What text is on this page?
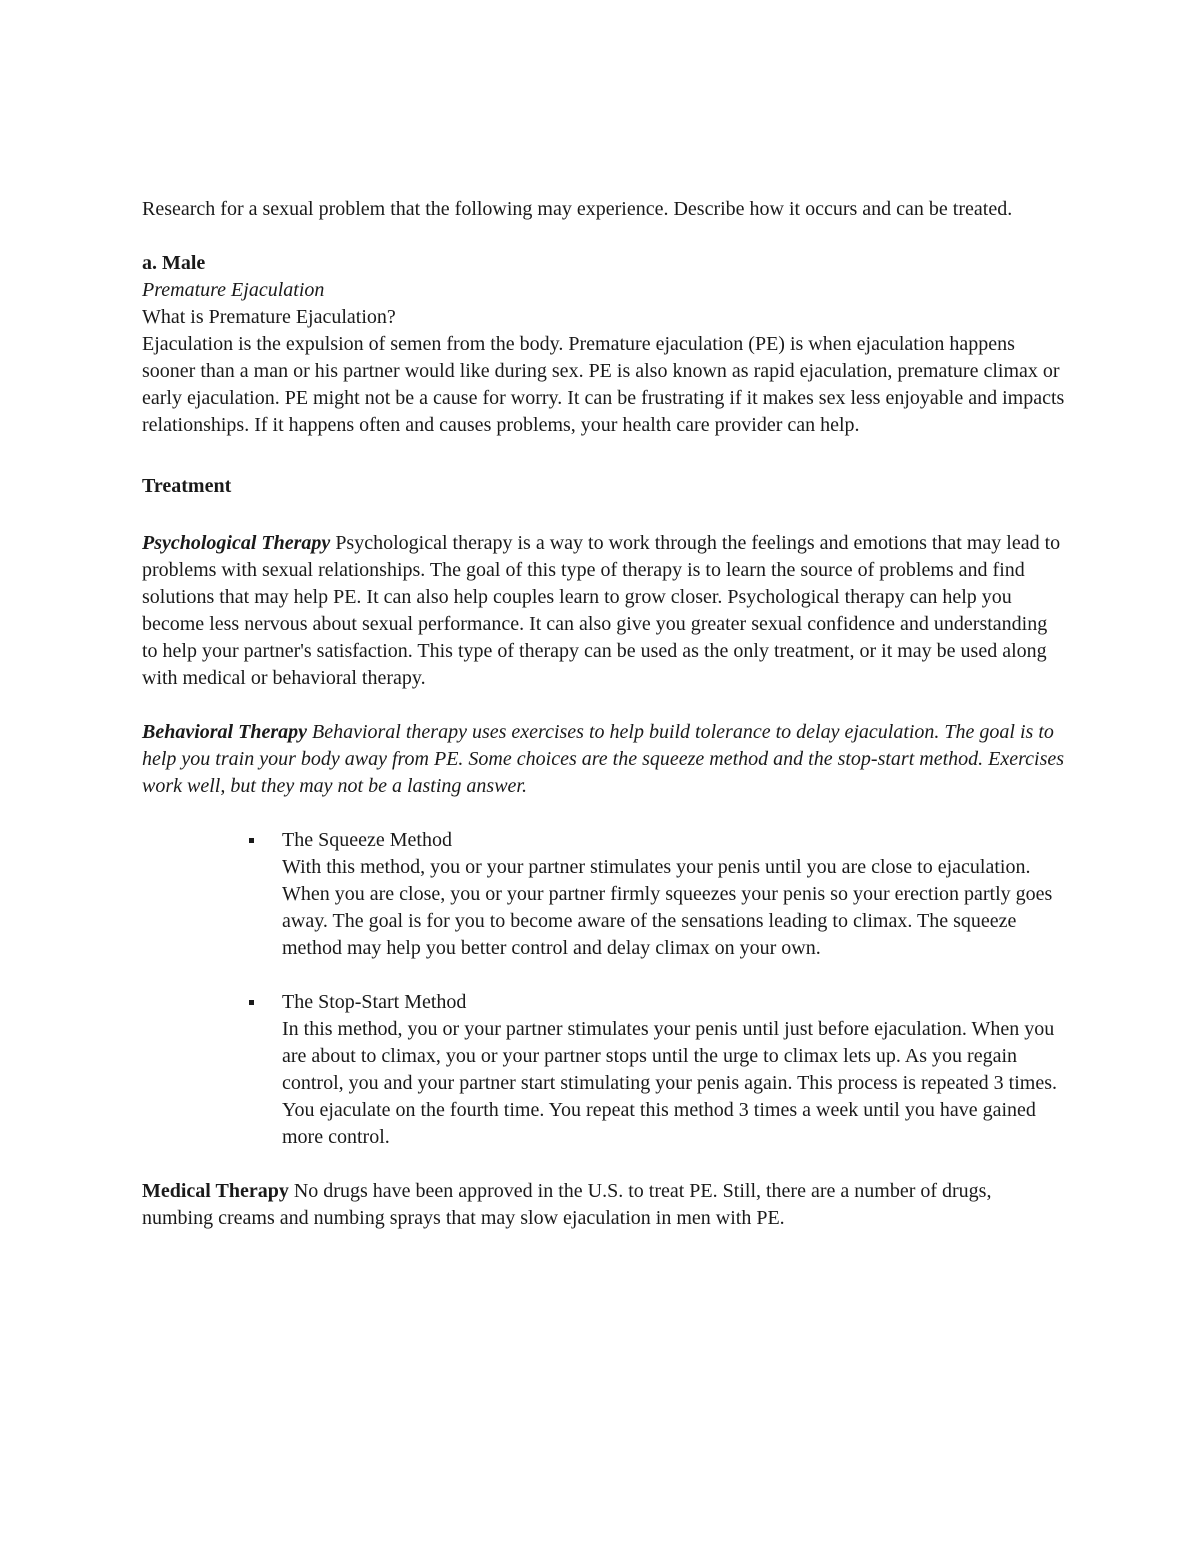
Research for a sexual problem that the following may experience. Describe how it occurs and can be treated.

a. Male

Premature Ejaculation

What is Premature Ejaculation?

Ejaculation is the expulsion of semen from the body. Premature ejaculation (PE) is when ejaculation happens sooner than a man or his partner would like during sex. PE is also known as rapid ejaculation, premature climax or early ejaculation. PE might not be a cause for worry. It can be frustrating if it makes sex less enjoyable and impacts relationships. If it happens often and causes problems, your health care provider can help.

Treatment

Psychological Therapy Psychological therapy is a way to work through the feelings and emotions that may lead to problems with sexual relationships. The goal of this type of therapy is to learn the source of problems and find solutions that may help PE. It can also help couples learn to grow closer. Psychological therapy can help you become less nervous about sexual performance. It can also give you greater sexual confidence and understanding to help your partner's satisfaction. This type of therapy can be used as the only treatment, or it may be used along with medical or behavioral therapy.

Behavioral Therapy Behavioral therapy uses exercises to help build tolerance to delay ejaculation. The goal is to help you train your body away from PE. Some choices are the squeeze method and the stop-start method. Exercises work well, but they may not be a lasting answer.

The Squeeze Method

With this method, you or your partner stimulates your penis until you are close to ejaculation. When you are close, you or your partner firmly squeezes your penis so your erection partly goes away. The goal is for you to become aware of the sensations leading to climax. The squeeze method may help you better control and delay climax on your own.

The Stop-Start Method

In this method, you or your partner stimulates your penis until just before ejaculation. When you are about to climax, you or your partner stops until the urge to climax lets up. As you regain control, you and your partner start stimulating your penis again. This process is repeated 3 times. You ejaculate on the fourth time. You repeat this method 3 times a week until you have gained more control.

Medical Therapy No drugs have been approved in the U.S. to treat PE. Still, there are a number of drugs, numbing creams and numbing sprays that may slow ejaculation in men with PE.
